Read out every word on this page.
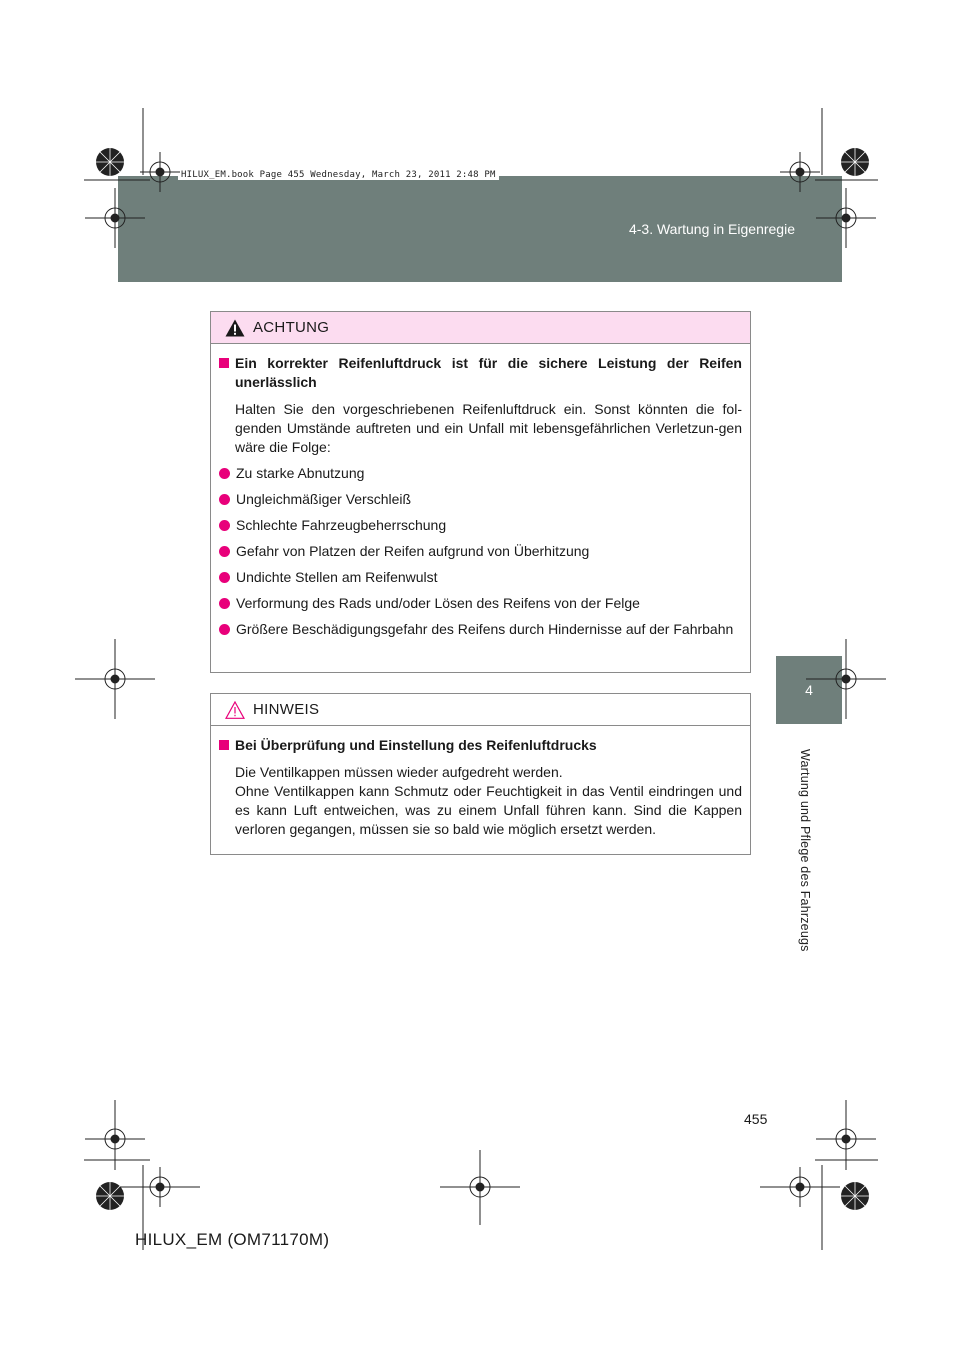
HILUX_EM.book Page 455 Wednesday, March 23, 2011 2:48 PM
4-3. Wartung in Eigenregie
4
Wartung und Pflege des Fahrzeugs
ACHTUNG
Ein korrekter Reifenluftdruck ist für die sichere Leistung der Reifen unerlässlich
Halten Sie den vorgeschriebenen Reifenluftdruck ein. Sonst könnten die fol-genden Umstände auftreten und ein Unfall mit lebensgefährlichen Verletzun-gen wäre die Folge:
Zu starke Abnutzung
Ungleichmäßiger Verschleiß
Schlechte Fahrzeugbeherrschung
Gefahr von Platzen der Reifen aufgrund von Überhitzung
Undichte Stellen am Reifenwulst
Verformung des Rads und/oder Lösen des Reifens von der Felge
Größere Beschädigungsgefahr des Reifens durch Hindernisse auf der Fahrbahn
HINWEIS
Bei Überprüfung und Einstellung des Reifenluftdrucks
Die Ventilkappen müssen wieder aufgedreht werden.
Ohne Ventilkappen kann Schmutz oder Feuchtigkeit in das Ventil eindringen und es kann Luft entweichen, was zu einem Unfall führen kann. Sind die Kappen verloren gegangen, müssen sie so bald wie möglich ersetzt werden.
455
HILUX_EM (OM71170M)
